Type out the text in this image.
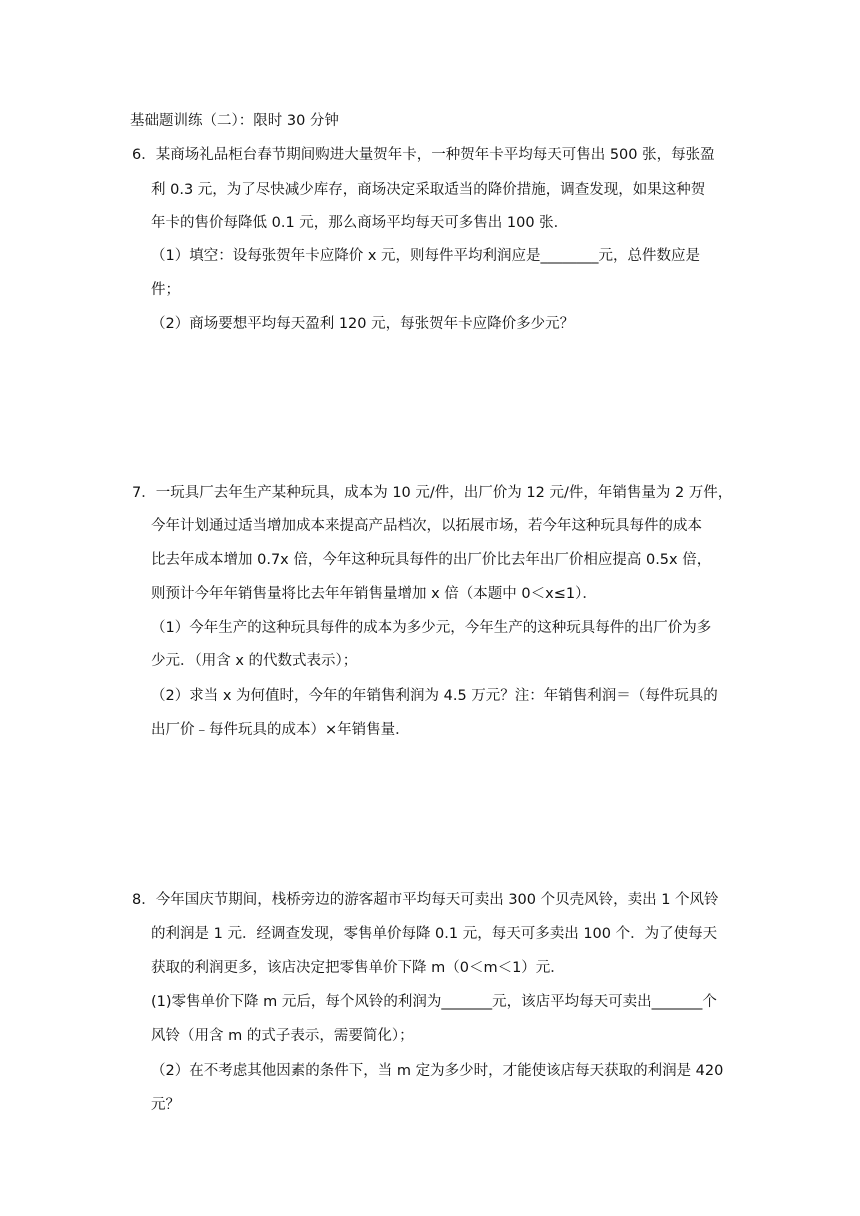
基础题训练（二）：限时 30 分钟
6．某商场礼品柜台春节期间购进大量贺年卡，一种贺年卡平均每天可售出 500 张，每张盈
利 0.3 元，为了尽快减少库存，商场决定采取适当的降价措施，调查发现，如果这种贺
年卡的售价每降低 0.1 元，那么商场平均每天可多售出 100 张．
（1）填空：设每张贺年卡应降价 x 元，则每件平均利润应是________元，总件数应是
件；
（2）商场要想平均每天盈利 120 元，每张贺年卡应降价多少元？
7．一玩具厂去年生产某种玩具，成本为 10 元/件，出厂价为 12 元/件，年销售量为 2 万件，
今年计划通过适当增加成本来提高产品档次，以拓展市场，若今年这种玩具每件的成本
比去年成本增加 0.7x 倍，今年这种玩具每件的出厂价比去年出厂价相应提高 0.5x 倍，
则预计今年年销售量将比去年年销售量增加 x 倍（本题中 0＜x≤1）．
（1）今年生产的这种玩具每件的成本为多少元，今年生产的这种玩具每件的出厂价为多
少元．（用含 x 的代数式表示）；
（2）求当 x 为何值时，今年的年销售利润为 4.5 万元？注：年销售利润＝（每件玩具的
出厂价﹣每件玩具的成本）×年销售量．
8．今年国庆节期间，栈桥旁边的游客超市平均每天可卖出 300 个贝壳风铃，卖出 1 个风铃
的利润是 1 元．经调查发现，零售单价每降 0.1 元，每天可多卖出 100 个．为了使每天
获取的利润更多，该店决定把零售单价下降 m（0＜m＜1）元．
(1)零售单价下降 m 元后，每个风铃的利润为_______元，该店平均每天可卖出_______个
风铃（用含 m 的式子表示，需要简化）；
（2）在不考虑其他因素的条件下，当 m 定为多少时，才能使该店每天获取的利润是 420
元？
